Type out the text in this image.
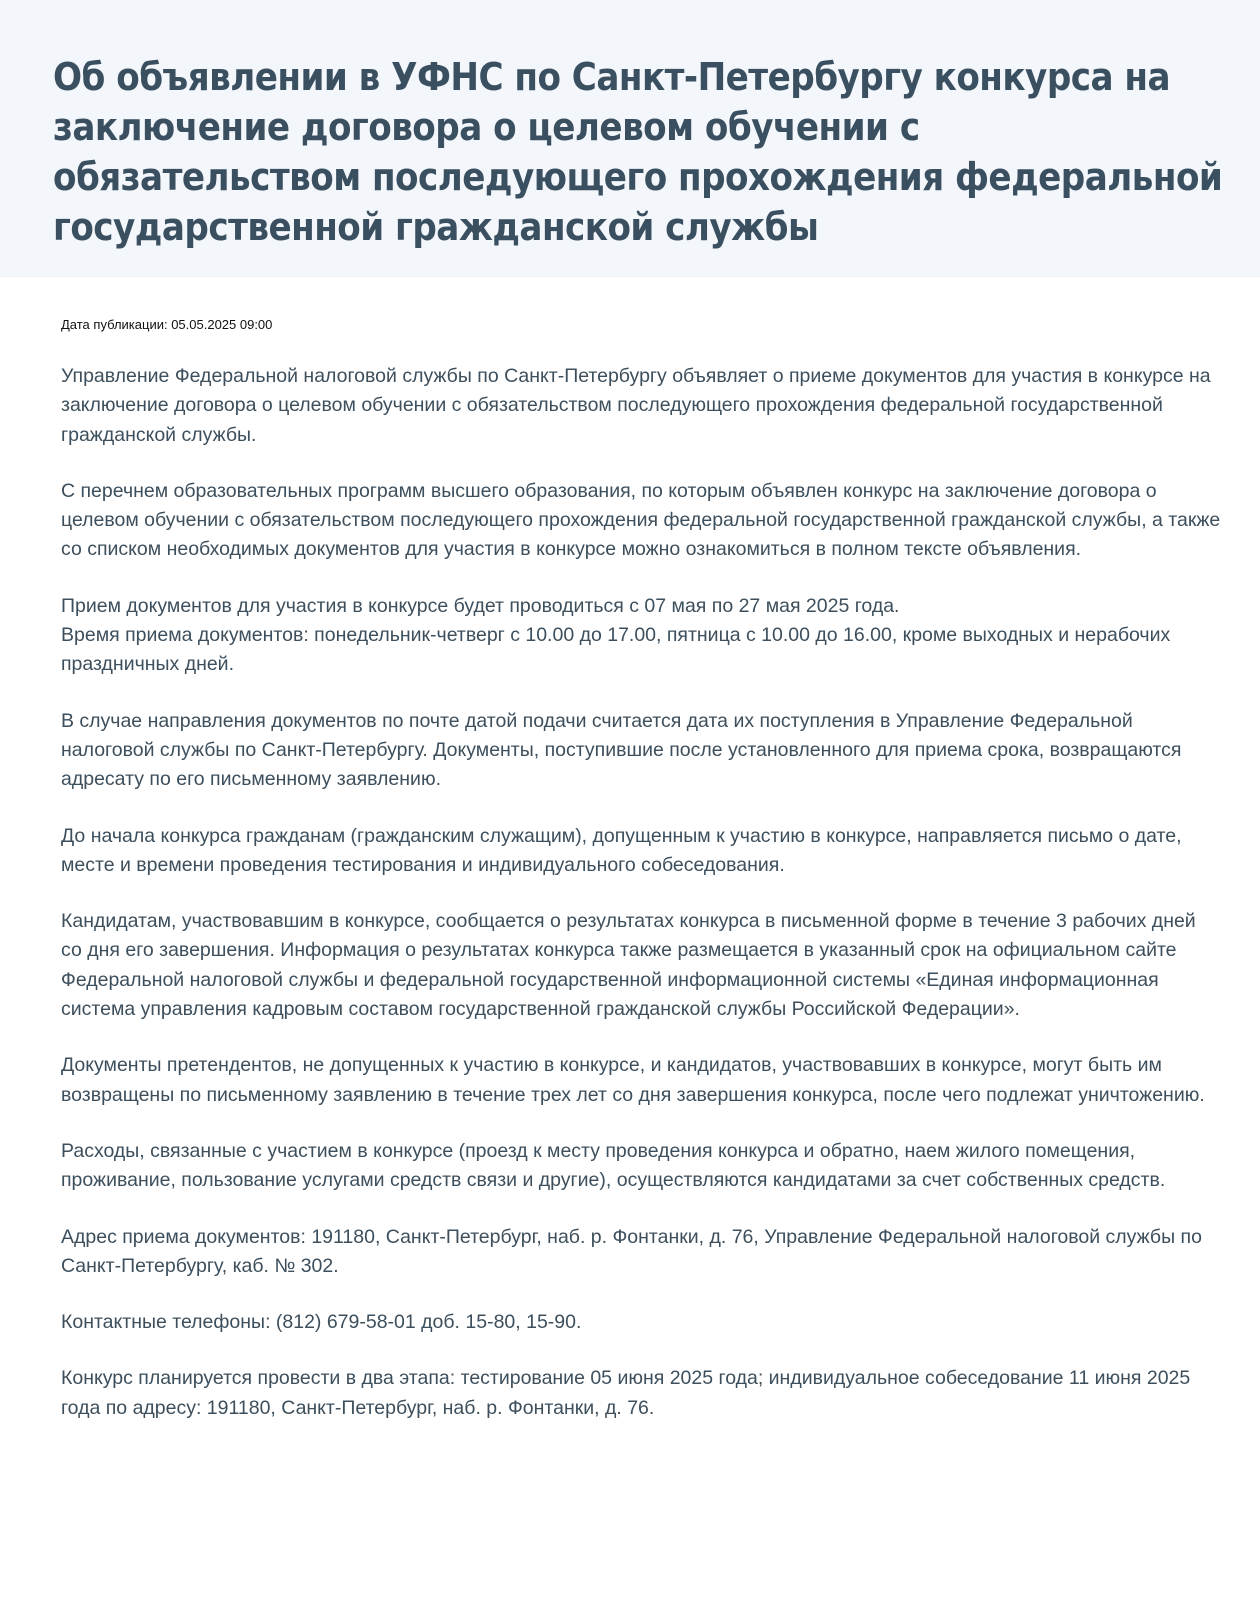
Об объявлении в УФНС по Санкт-Петербургу конкурса на заключение договора о целевом обучении с обязательством последующего прохождения федеральной государственной гражданской службы
Дата публикации: 05.05.2025 09:00

Управление Федеральной налоговой службы по Санкт-Петербургу объявляет о приеме документов для участия в конкурсе на заключение договора о целевом обучении с обязательством последующего прохождения федеральной государственной гражданской службы.

С перечнем образовательных программ высшего образования, по которым объявлен конкурс на заключение договора о целевом обучении с обязательством последующего прохождения федеральной государственной гражданской службы, а также со списком необходимых документов для участия в конкурсе можно ознакомиться в полном тексте объявления.

Прием документов для участия в конкурсе будет проводиться с 07 мая по 27 мая 2025 года.
Время приема документов: понедельник-четверг с 10.00 до 17.00, пятница с 10.00 до 16.00, кроме выходных и нерабочих праздничных дней.

В случае направления документов по почте датой подачи считается дата их поступления в Управление Федеральной налоговой службы по Санкт-Петербургу. Документы, поступившие после установленного для приема срока, возвращаются адресату по его письменному заявлению.

До начала конкурса гражданам (гражданским служащим), допущенным к участию в конкурсе, направляется письмо о дате, месте и времени проведения тестирования и индивидуального собеседования.

Кандидатам, участвовавшим в конкурсе, сообщается о результатах конкурса в письменной форме в течение 3 рабочих дней со дня его завершения. Информация о результатах конкурса также размещается в указанный срок на официальном сайте Федеральной налоговой службы и федеральной государственной информационной системы «Единая информационная система управления кадровым составом государственной гражданской службы Российской Федерации».

Документы претендентов, не допущенных к участию в конкурсе, и кандидатов, участвовавших в конкурсе, могут быть им возвращены по письменному заявлению в течение трех лет со дня завершения конкурса, после чего подлежат уничтожению.

Расходы, связанные с участием в конкурсе (проезд к месту проведения конкурса и обратно, наем жилого помещения, проживание, пользование услугами средств связи и другие), осуществляются кандидатами за счет собственных средств.

Адрес приема документов: 191180, Санкт-Петербург, наб. р. Фонтанки, д. 76, Управление Федеральной налоговой службы по Санкт-Петербургу, каб. № 302.

Контактные телефоны: (812) 679-58-01 доб. 15-80, 15-90.

Конкурс планируется провести в два этапа: тестирование 05 июня 2025 года; индивидуальное собеседование 11 июня 2025 года по адресу: 191180, Санкт-Петербург, наб. р. Фонтанки, д. 76.
